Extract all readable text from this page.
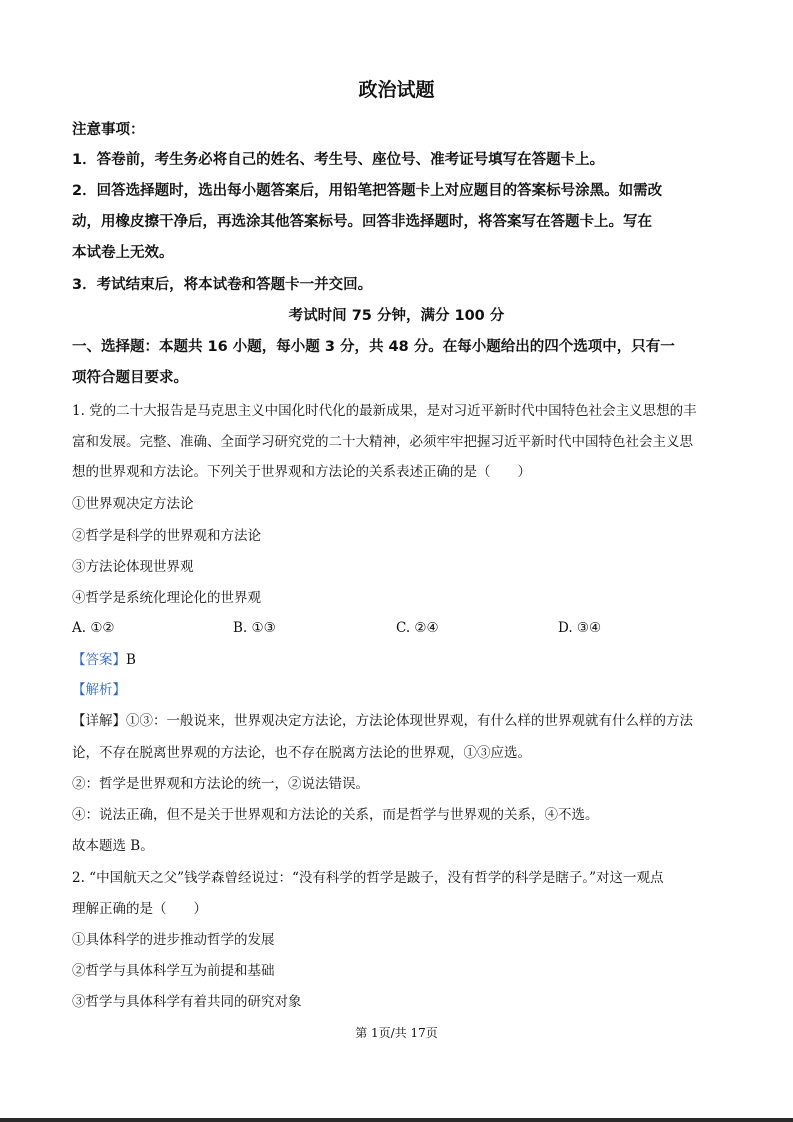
政治试题
注意事项：
1．答卷前，考生务必将自己的姓名、考生号、座位号、准考证号填写在答题卡上。
2．回答选择题时，选出每小题答案后，用铅笔把答题卡上对应题目的答案标号涂黑。如需改
动，用橡皮擦干净后，再选涂其他答案标号。回答非选择题时，将答案写在答题卡上。写在
本试卷上无效。
3．考试结束后，将本试卷和答题卡一并交回。
考试时间 75 分钟，满分 100 分
一、选择题：本题共 16 小题，每小题 3 分，共 48 分。在每小题给出的四个选项中，只有一
项符合题目要求。
1. 党的二十大报告是马克思主义中国化时代化的最新成果，是对习近平新时代中国特色社会主义思想的丰
富和发展。完整、准确、全面学习研究党的二十大精神，必须牢牢把握习近平新时代中国特色社会主义思
想的世界观和方法论。下列关于世界观和方法论的关系表述正确的是（　　）
①世界观决定方法论
②哲学是科学的世界观和方法论
③方法论体现世界观
④哲学是系统化理论化的世界观
A. ①②	B. ①③	C. ②④	D. ③④
【答案】B
【解析】
【详解】①③：一般说来，世界观决定方法论，方法论体现世界观，有什么样的世界观就有什么样的方法
论，不存在脱离世界观的方法论，也不存在脱离方法论的世界观，①③应选。
②：哲学是世界观和方法论的统一，②说法错误。
④：说法正确，但不是关于世界观和方法论的关系，而是哲学与世界观的关系，④不选。
故本题选 B。
2. “中国航天之父”钱学森曾经说过：“没有科学的哲学是跛子，没有哲学的科学是瞎子。”对这一观点
理解正确的是（　　）
①具体科学的进步推动哲学的发展
②哲学与具体科学互为前提和基础
③哲学与具体科学有着共同的研究对象
第 1页/共 17页
